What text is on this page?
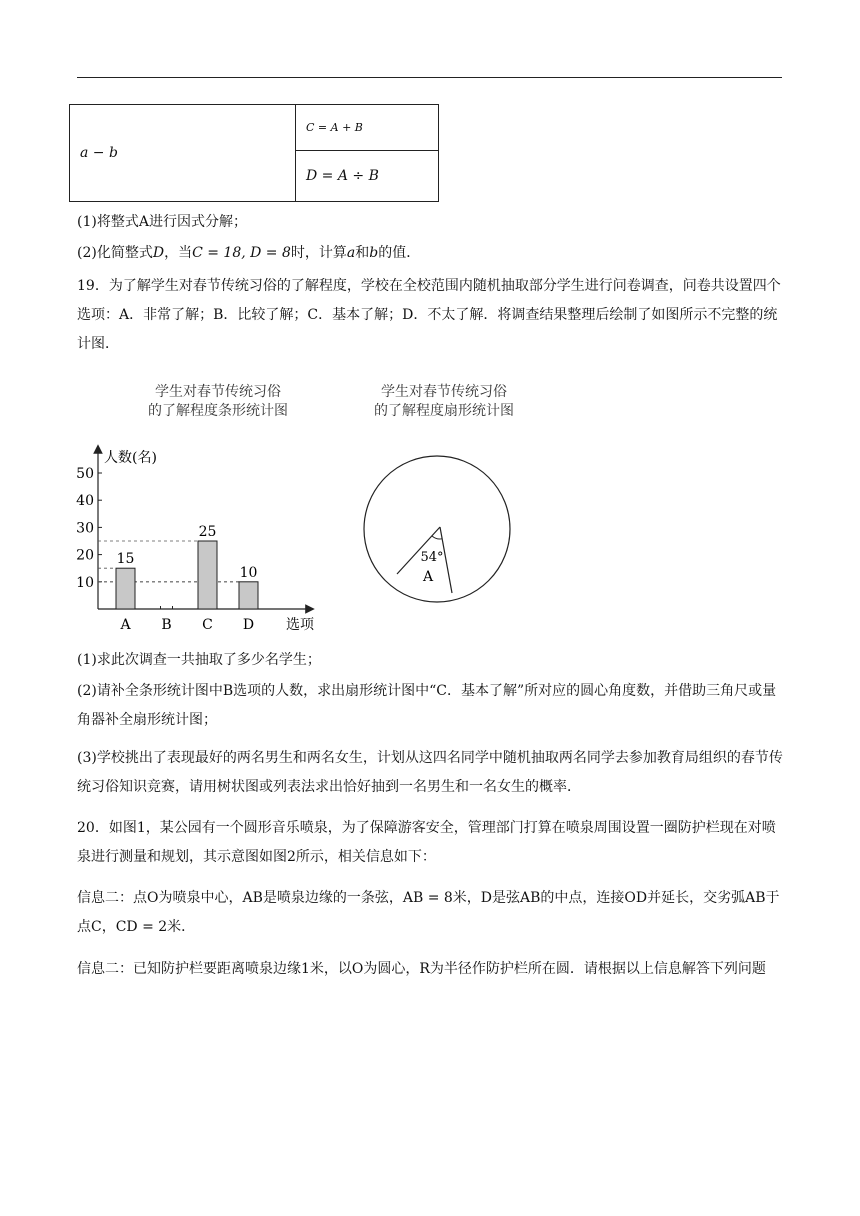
a − b	C = A + B
D = A ÷ B

(1)将整式A进行因式分解；

(2)化简整式D，当C = 18, D = 8时，计算a和b的值．

19．为了解学生对春节传统习俗的了解程度，学校在全校范围内随机抽取部分学生进行问卷调查，问卷共设置四个选项：A．非常了解；B．比较了解；C．基本了解；D．不太了解．将调查结果整理后绘制了如图所示不完整的统计图．

学生对春节传统习俗
的了解程度条形统计图
学生对春节传统习俗
的了解程度扇形统计图
人数(名)
选项
10
20
30
40
50
A
15
B C
25
D
10
54°
A

(1)求此次调查一共抽取了多少名学生；

(2)请补全条形统计图中B选项的人数，求出扇形统计图中“C．基本了解”所对应的圆心角度数，并借助三角尺或量角器补全扇形统计图；

(3)学校挑出了表现最好的两名男生和两名女生，计划从这四名同学中随机抽取两名同学去参加教育局组织的春节传统习俗知识竞赛，请用树状图或列表法求出恰好抽到一名男生和一名女生的概率．

20．如图1，某公园有一个圆形音乐喷泉，为了保障游客安全，管理部门打算在喷泉周围设置一圈防护栏现在对喷泉进行测量和规划，其示意图如图2所示，相关信息如下：

信息二：点O为喷泉中心，AB是喷泉边缘的一条弦，AB = 8米，D是弦AB的中点，连接OD并延长，交劣弧AB于点C，CD = 2米．

信息二：已知防护栏要距离喷泉边缘1米，以O为圆心，R为半径作防护栏所在圆．请根据以上信息解答下列问题
